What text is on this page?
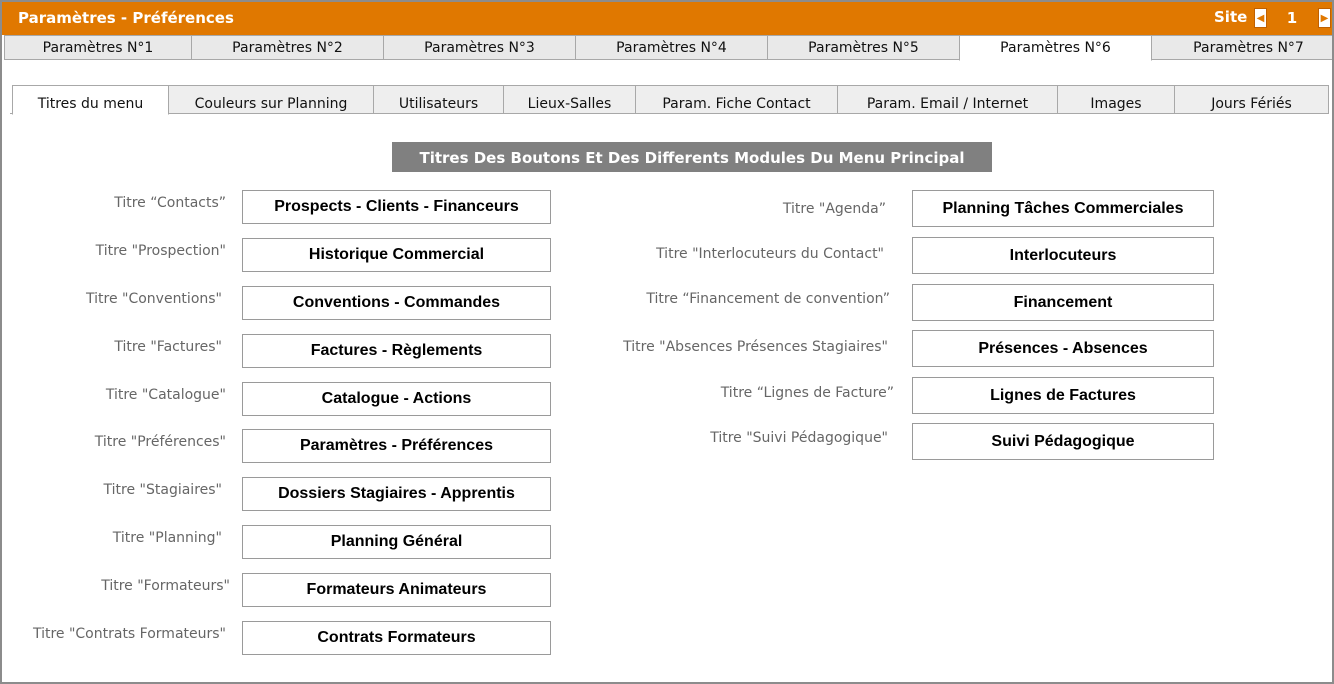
Paramètres - Préférences	Site ◀	1	▶
Paramètres N°1	Paramètres N°2	Paramètres N°3	Paramètres N°4	Paramètres N°5	Paramètres N°6	Paramètres N°7
Titres du menu	Couleurs sur Planning	Utilisateurs	Lieux-Salles	Param. Fiche Contact	Param. Email / Internet	Images	Jours Fériés
Titres Des Boutons Et Des Differents Modules Du Menu Principal
Titre “Contacts”	Prospects - Clients - Financeurs
Titre "Prospection"	Historique Commercial
Titre "Conventions"	Conventions - Commandes
Titre "Factures"	Factures - Règlements
Titre "Catalogue"	Catalogue - Actions
Titre "Préférences"	Paramètres - Préférences
Titre "Stagiaires"	Dossiers Stagiaires - Apprentis
Titre "Planning"	Planning Général
Titre "Formateurs"	Formateurs Animateurs
Titre "Contrats Formateurs"	Contrats Formateurs
Titre "Agenda”	Planning Tâches Commerciales
Titre "Interlocuteurs du Contact"	Interlocuteurs
Titre “Financement de convention”	Financement
Titre "Absences Présences Stagiaires"	Présences - Absences
Titre “Lignes de Facture”	Lignes de Factures
Titre "Suivi Pédagogique"	Suivi Pédagogique
